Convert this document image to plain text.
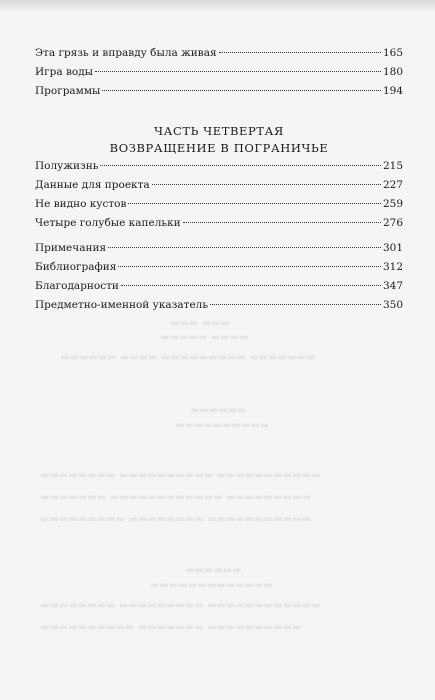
Эта грязь и вправду была живая	165
Игра воды	180
Программы	194
ЧАСТЬ ЧЕТВЕРТАЯ
ВОЗВРАЩЕНИЕ В ПОГРАНИЧЬЕ
Полужизнь	215
Данные для проекта	227
Не видно кустов	259
Четыре голубые капельки	276
Примечания	301
Библиография	312
Благодарности	347
Предметно-именной указатель	350
▬▬▬ ▬▬▬
▬▬▬▬▬ ▬▬▬▬
▬▬▬▬▬▬ ▬▬▬▬ ▬▬▬▬▬▬▬▬▬ ▬▬▬▬▬▬▬
▬▬▬▬▬▬
▬▬▬▬▬▬▬▬▬▬
▬▬▬▬▬▬▬▬ ▬▬▬▬▬▬▬▬▬▬ ▬▬▬▬▬▬▬▬▬▬▬
▬▬▬▬▬▬▬ ▬▬▬▬▬▬▬▬▬▬▬▬ ▬▬▬▬▬▬▬▬▬
▬▬▬▬▬▬▬▬▬ ▬▬▬▬▬▬▬▬ ▬▬▬▬▬▬▬▬▬▬▬
▬▬▬▬▬▬
▬▬▬▬▬▬▬▬▬▬▬▬▬
▬▬▬▬▬▬▬▬ ▬▬▬▬▬▬▬▬▬ ▬▬▬▬▬▬▬▬▬▬▬▬
▬▬▬▬▬▬▬▬▬▬ ▬▬▬▬▬▬▬ ▬▬▬▬▬▬▬▬▬▬
